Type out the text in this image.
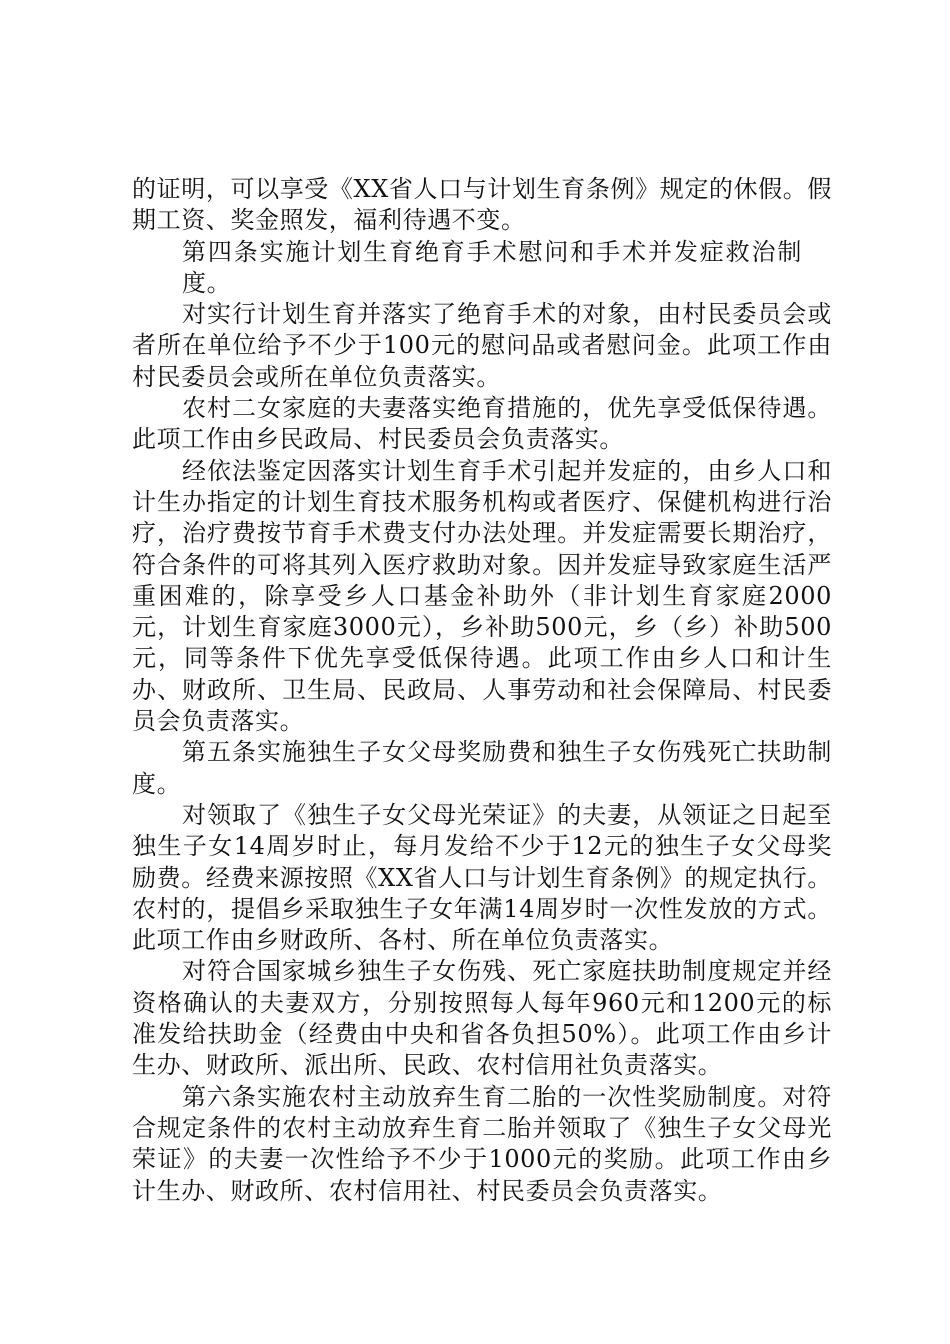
的证明，可以享受《XX省人口与计划生育条例》规定的休假。假期工资、奖金照发，福利待遇不变。

第四条实施计划生育绝育手术慰问和手术并发症救治制度。

对实行计划生育并落实了绝育手术的对象，由村民委员会或者所在单位给予不少于100元的慰问品或者慰问金。此项工作由村民委员会或所在单位负责落实。

农村二女家庭的夫妻落实绝育措施的，优先享受低保待遇。此项工作由乡民政局、村民委员会负责落实。

经依法鉴定因落实计划生育手术引起并发症的，由乡人口和计生办指定的计划生育技术服务机构或者医疗、保健机构进行治疗，治疗费按节育手术费支付办法处理。并发症需要长期治疗，符合条件的可将其列入医疗救助对象。因并发症导致家庭生活严重困难的，除享受乡人口基金补助外（非计划生育家庭2000元，计划生育家庭3000元），乡补助500元，乡（乡）补助500元，同等条件下优先享受低保待遇。此项工作由乡人口和计生办、财政所、卫生局、民政局、人事劳动和社会保障局、村民委员会负责落实。

第五条实施独生子女父母奖励费和独生子女伤残死亡扶助制度。

对领取了《独生子女父母光荣证》的夫妻，从领证之日起至独生子女14周岁时止，每月发给不少于12元的独生子女父母奖励费。经费来源按照《XX省人口与计划生育条例》的规定执行。农村的，提倡乡采取独生子女年满14周岁时一次性发放的方式。此项工作由乡财政所、各村、所在单位负责落实。

对符合国家城乡独生子女伤残、死亡家庭扶助制度规定并经资格确认的夫妻双方，分别按照每人每年960元和1200元的标准发给扶助金（经费由中央和省各负担50%）。此项工作由乡计生办、财政所、派出所、民政、农村信用社负责落实。

第六条实施农村主动放弃生育二胎的一次性奖励制度。对符合规定条件的农村主动放弃生育二胎并领取了《独生子女父母光荣证》的夫妻一次性给予不少于1000元的奖励。此项工作由乡计生办、财政所、农村信用社、村民委员会负责落实。
